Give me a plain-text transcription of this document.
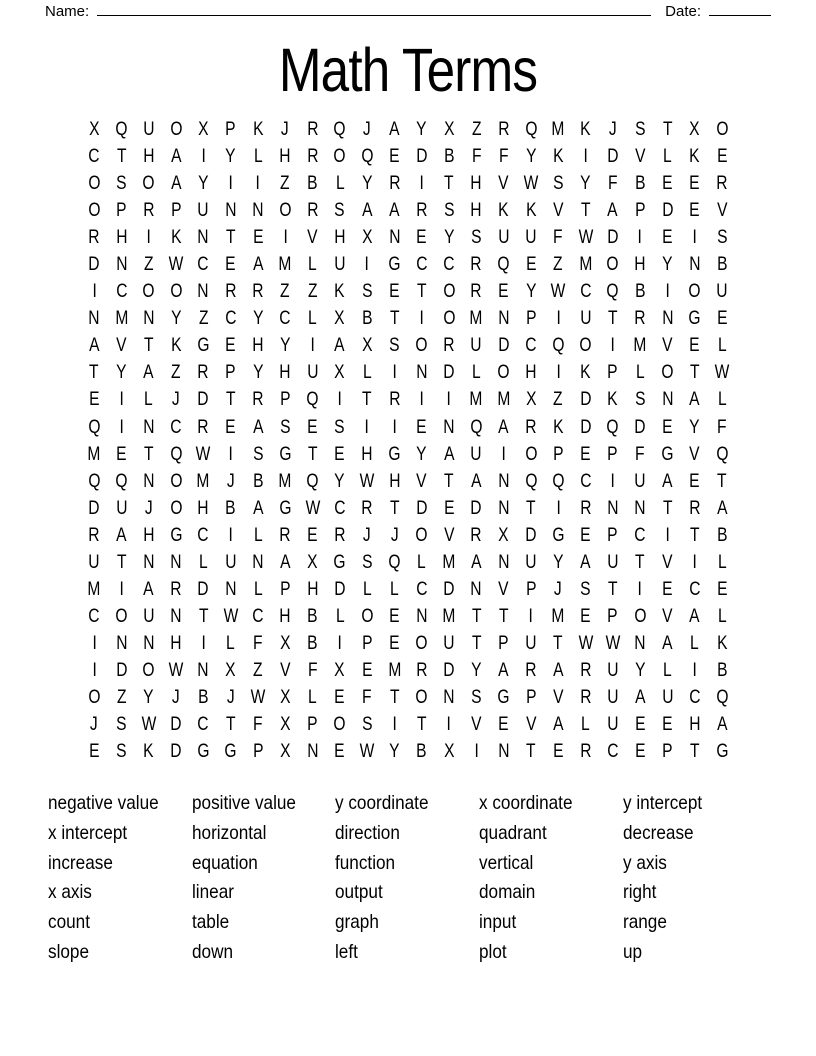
Name:	Date:
Math Terms
X Q U O X P K J R Q J A Y X Z R Q M K J S T X O
C T H A I Y L H R O Q E D B F F Y K I D V L K E
O S O A Y I I Z B L Y R I T H V W S Y F B E E R
O P R P U N N O R S A A R S H K K V T A P D E V
R H I K N T E I V H X N E Y S U U F W D I E I S
D N Z W C E A M L U I G C C R Q E Z M O H Y N B
I C O O N R R Z Z K S E T O R E Y W C Q B I O U
N M N Y Z C Y C L X B T I O M N P I U T R N G E
A V T K G E H Y I A X S O R U D C Q O I M V E L
T Y A Z R P Y H U X L I N D L O H I K P L O T W
E I L J D T R P Q I T R I I M M X Z D K S N A L
Q I N C R E A S E S I I E N Q A R K D Q D E Y F
M E T Q W I S G T E H G Y A U I O P E P F G V Q
Q Q N O M J B M Q Y W H V T A N Q Q C I U A E T
D U J O H B A G W C R T D E D N T I R N N T R A
R A H G C I L R E R J J O V R X D G E P C I T B
U T N N L U N A X G S Q L M A N U Y A U T V I L
M I A R D N L P H D L L C D N V P J S T I E C E
C O U N T W C H B L O E N M T T I M E P O V A L
I N N H I L F X B I P E O U T P U T W W N A L K
I D O W N X Z V F X E M R D Y A R A R U Y L I B
O Z Y J B J W X L E F T O N S G P V R U A U C Q
J S W D C T F X P O S I T I V E V A L U E E H A
E S K D G G P X N E W Y B X I N T E R C E P T G
negative value
x intercept
increase
x axis
count
slope
positive value
horizontal
equation
linear
table
down
y coordinate
direction
function
output
graph
left
x coordinate
quadrant
vertical
domain
input
plot
y intercept
decrease
y axis
right
range
up
